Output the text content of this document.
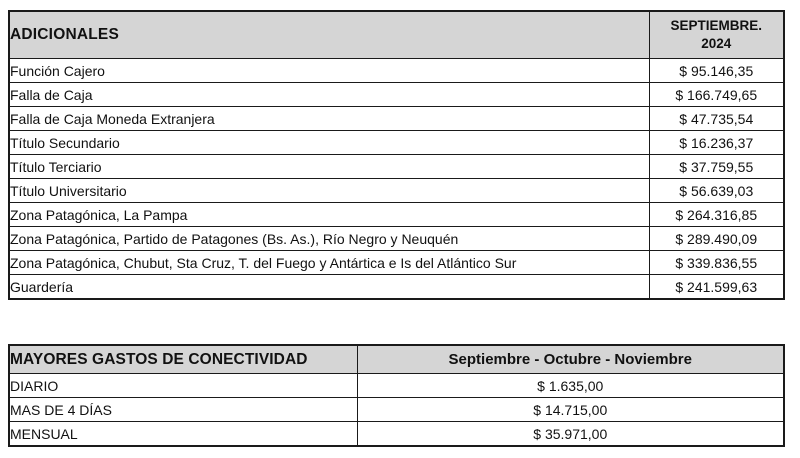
ADICIONALES	SEPTIEMBRE.
2024

Función Cajero	$ 95.146,35
Falla de Caja	$ 166.749,65
Falla de Caja Moneda Extranjera	$ 47.735,54
Título Secundario	$ 16.236,37
Título Terciario	$ 37.759,55
Título Universitario	$ 56.639,03
Zona Patagónica, La Pampa	$ 264.316,85
Zona Patagónica, Partido de Patagones (Bs. As.), Río Negro y Neuquén	$ 289.490,09
Zona Patagónica, Chubut, Sta Cruz, T. del Fuego y Antártica e Is del Atlántico Sur	$ 339.836,55
Guardería	$ 241.599,63
MAYORES GASTOS DE CONECTIVIDAD	Septiembre - Octubre - Noviembre
DIARIO	$ 1.635,00
MAS DE 4 DÍAS	$ 14.715,00
MENSUAL	$ 35.971,00
